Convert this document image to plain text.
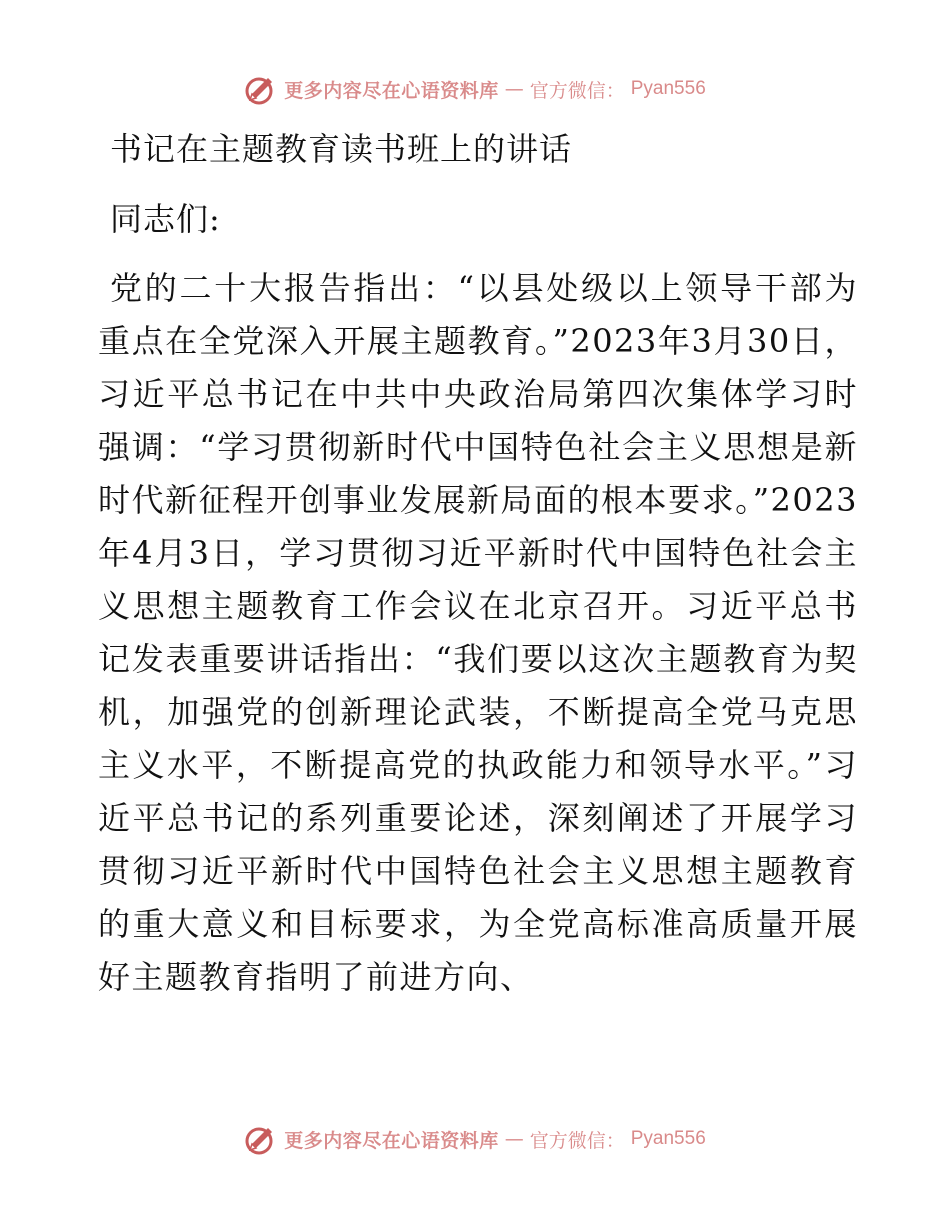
更多内容尽在心语资料库 — 官方微信： Pyan556
书记在主题教育读书班上的讲话
同志们:

党的二十大报告指出：“以县处级以上领导干部为重点在全党深入开展主题教育。”2023年3月30日，习近平总书记在中共中央政治局第四次集体学习时强调：“学习贯彻新时代中国特色社会主义思想是新时代新征程开创事业发展新局面的根本要求。”2023年4月3日，学习贯彻习近平新时代中国特色社会主义思想主题教育工作会议在北京召开。习近平总书记发表重要讲话指出：“我们要以这次主题教育为契机，加强党的创新理论武装，不断提高全党马克思主义水平，不断提高党的执政能力和领导水平。”习近平总书记的系列重要论述，深刻阐述了开展学习贯彻习近平新时代中国特色社会主义思想主题教育的重大意义和目标要求，为全党高标准高质量开展好主题教育指明了前进方向、

更多内容尽在心语资料库 — 官方微信： Pyan556
